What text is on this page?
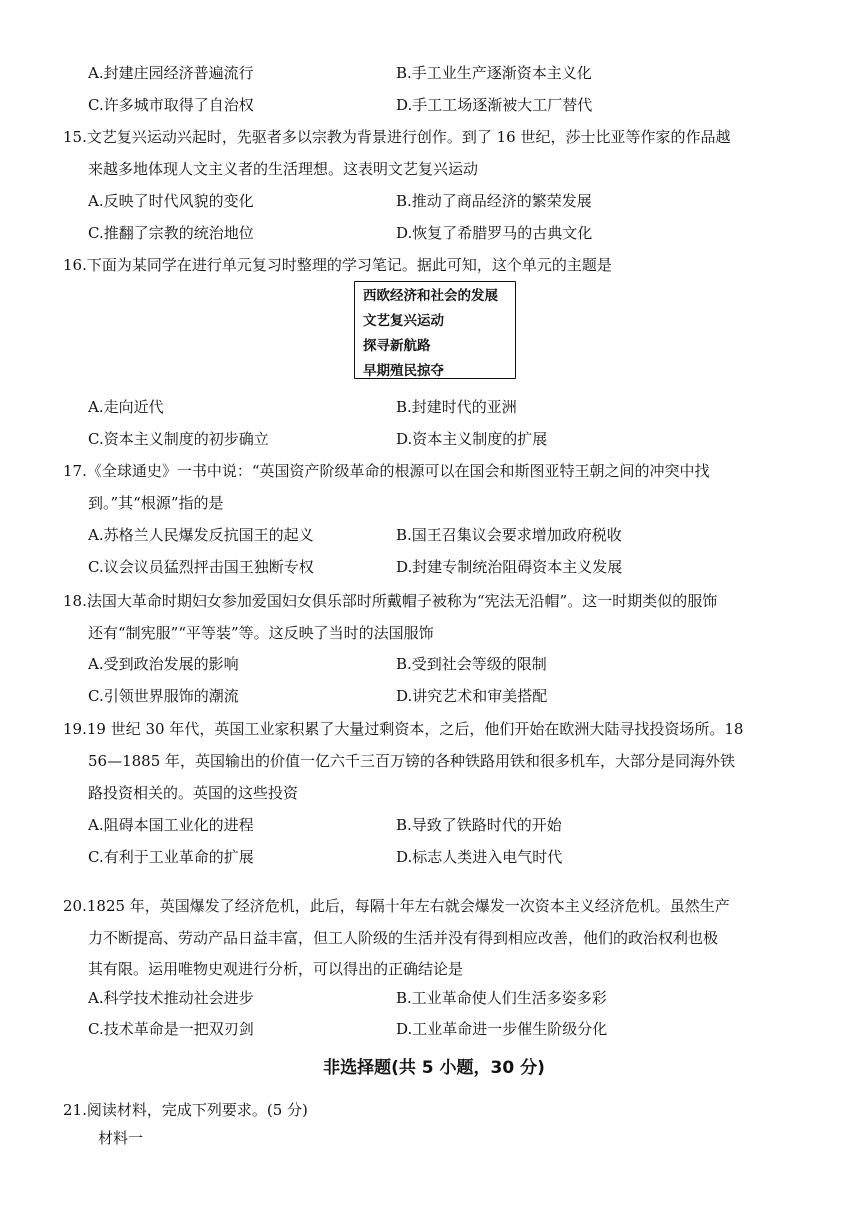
A.封建庄园经济普遍流行	B.手工业生产逐渐资本主义化
C.许多城市取得了自治权	D.手工工场逐渐被大工厂替代
15.文艺复兴运动兴起时，先驱者多以宗教为背景进行创作。到了 16 世纪，莎士比亚等作家的作品越
来越多地体现人文主义者的生活理想。这表明文艺复兴运动
A.反映了时代风貌的变化	B.推动了商品经济的繁荣发展
C.推翻了宗教的统治地位	D.恢复了希腊罗马的古典文化
16.下面为某同学在进行单元复习时整理的学习笔记。据此可知，这个单元的主题是
西欧经济和社会的发展
文艺复兴运动
探寻新航路
早期殖民掠夺
A.走向近代	B.封建时代的亚洲
C.资本主义制度的初步确立	D.资本主义制度的扩展
17.《全球通史》一书中说：“英国资产阶级革命的根源可以在国会和斯图亚特王朝之间的冲突中找
到。”其“根源”指的是
A.苏格兰人民爆发反抗国王的起义	B.国王召集议会要求增加政府税收
C.议会议员猛烈抨击国王独断专权	D.封建专制统治阻碍资本主义发展
18.法国大革命时期妇女参加爱国妇女俱乐部时所戴帽子被称为“宪法无沿帽”。这一时期类似的服饰
还有“制宪服”“平等装”等。这反映了当时的法国服饰
A.受到政治发展的影响	B.受到社会等级的限制
C.引领世界服饰的潮流	D.讲究艺术和审美搭配
19.19 世纪 30 年代，英国工业家积累了大量过剩资本，之后，他们开始在欧洲大陆寻找投资场所。18
56—1885 年，英国输出的价值一亿六千三百万镑的各种铁路用铁和很多机车，大部分是同海外铁
路投资相关的。英国的这些投资
A.阻碍本国工业化的进程	B.导致了铁路时代的开始
C.有利于工业革命的扩展	D.标志人类进入电气时代
20.1825 年，英国爆发了经济危机，此后，每隔十年左右就会爆发一次资本主义经济危机。虽然生产
力不断提高、劳动产品日益丰富，但工人阶级的生活并没有得到相应改善，他们的政治权利也极
其有限。运用唯物史观进行分析，可以得出的正确结论是
A.科学技术推动社会进步	B.工业革命使人们生活多姿多彩
C.技术革命是一把双刃剑	D.工业革命进一步催生阶级分化
非选择题(共 5 小题，30 分)
21.阅读材料，完成下列要求。(5 分)
材料一
